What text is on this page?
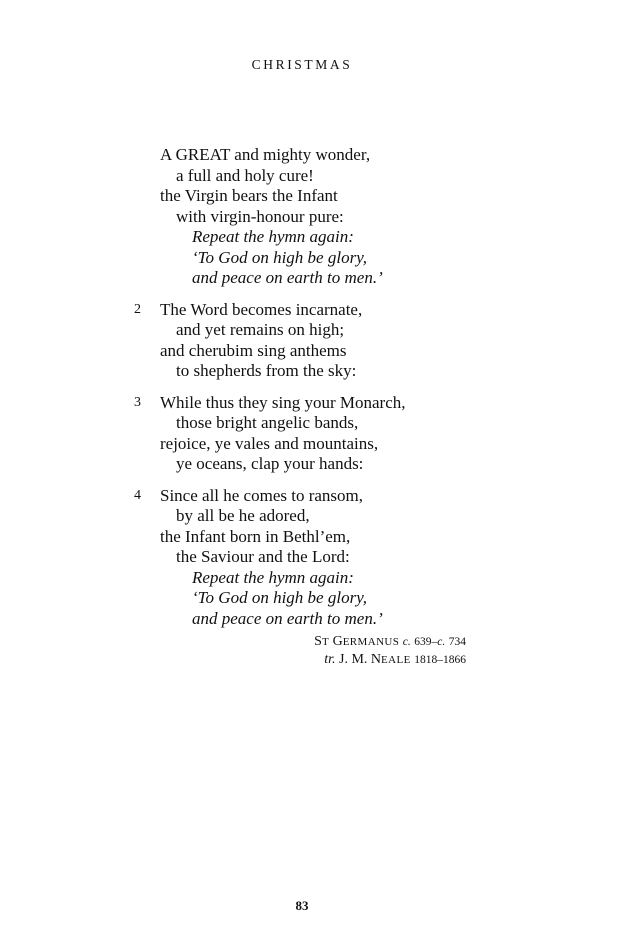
CHRISTMAS
A GREAT and mighty wonder,
a full and holy cure!
the Virgin bears the Infant
with virgin-honour pure:
Repeat the hymn again:
‘To God on high be glory,
and peace on earth to men.’
2 The Word becomes incarnate,
and yet remains on high;
and cherubim sing anthems
to shepherds from the sky:
3 While thus they sing your Monarch,
those bright angelic bands,
rejoice, ye vales and mountains,
ye oceans, clap your hands:
4 Since all he comes to ransom,
by all be he adored,
the Infant born in Bethl’em,
the Saviour and the Lord:
Repeat the hymn again:
‘To God on high be glory,
and peace on earth to men.’
ST GERMANUS c. 639–c. 734
tr. J. M. NEALE 1818–1866
83
